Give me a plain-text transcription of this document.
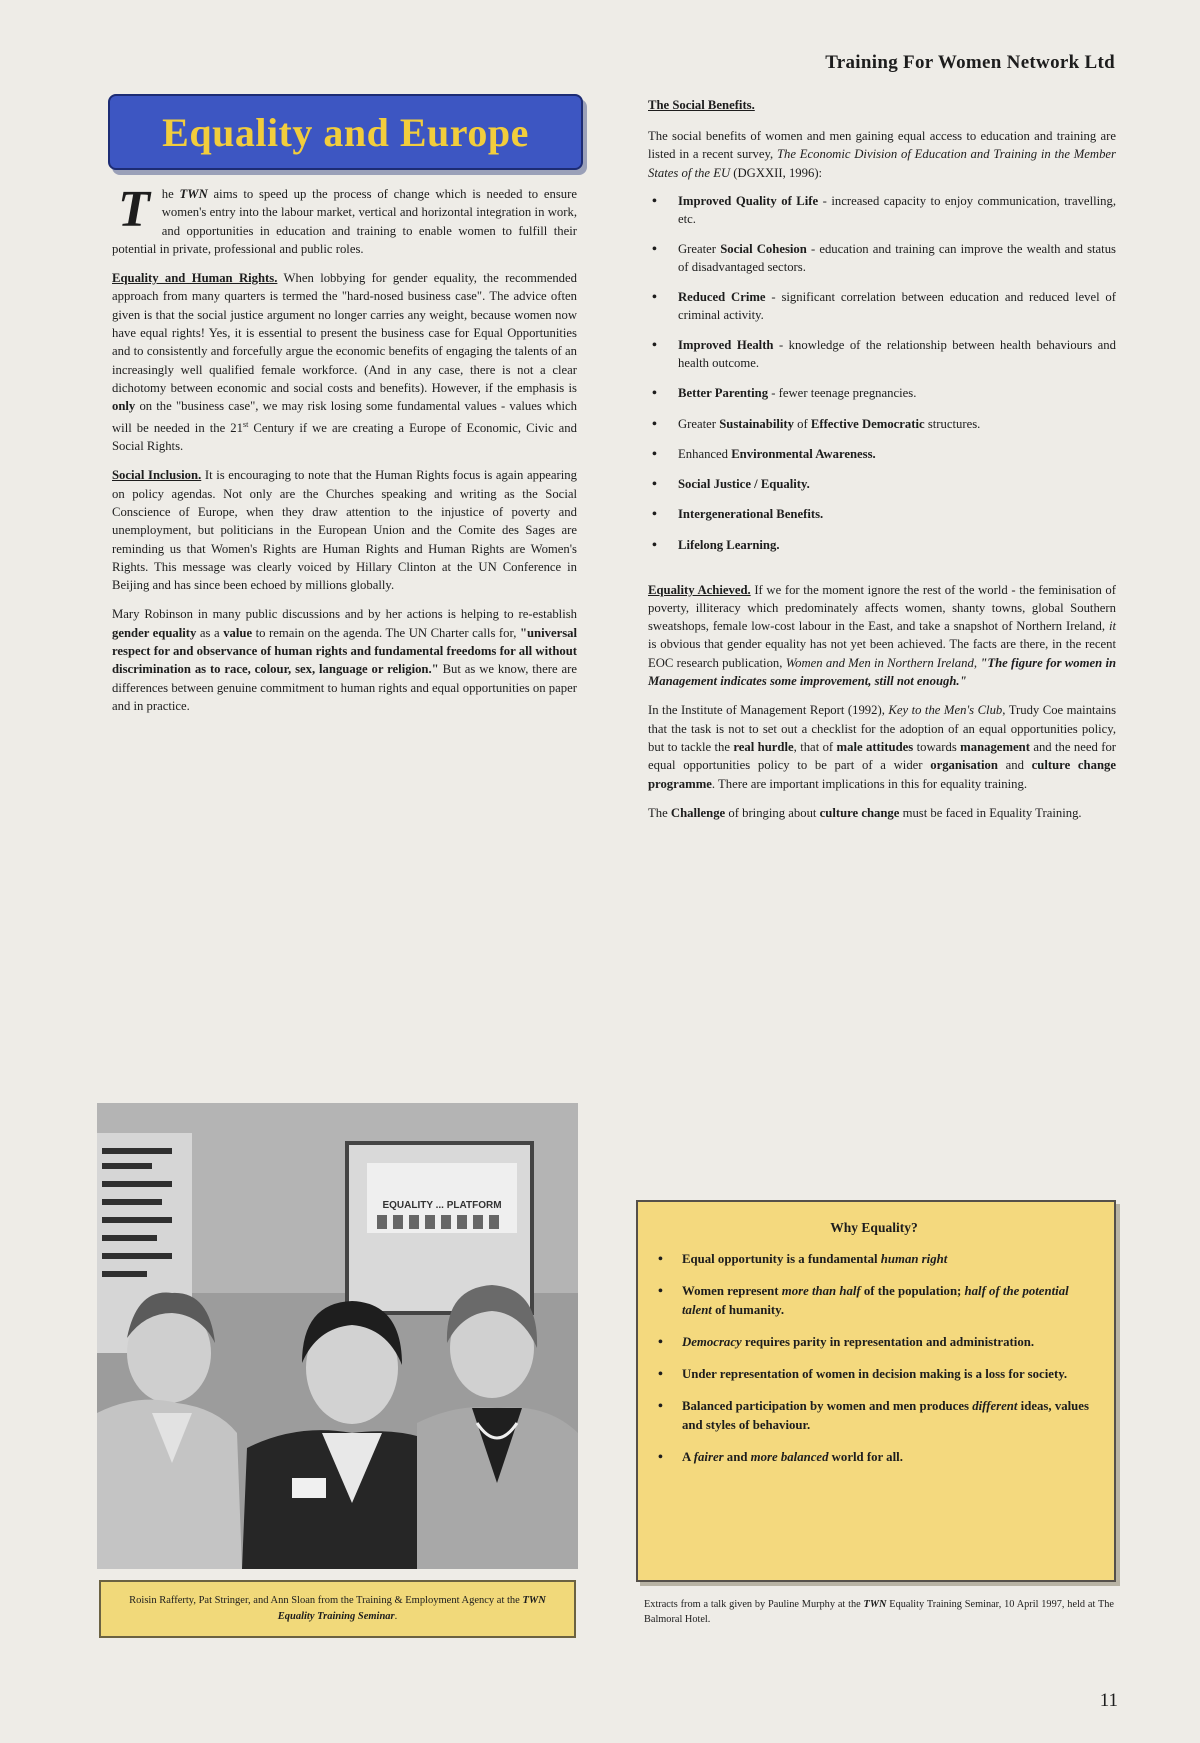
Training For Women Network Ltd
Equality and Europe

The TWN aims to speed up the process of change which is needed to ensure women's entry into the labour market, vertical and horizontal integration in work, and opportunities in education and training to enable women to fulfill their potential in private, professional and public roles.

Equality and Human Rights. When lobbying for gender equality, the recommended approach from many quarters is termed the "hard-nosed business case". The advice often given is that the social justice argument no longer carries any weight, because women now have equal rights! Yes, it is essential to present the business case for Equal Opportunities and to consistently and forcefully argue the economic benefits of engaging the talents of an increasingly well qualified female workforce. (And in any case, there is not a clear dichotomy between economic and social costs and benefits). However, if the emphasis is only on the "business case", we may risk losing some fundamental values - values which will be needed in the 21st Century if we are creating a Europe of Economic, Civic and Social Rights.

Social Inclusion. It is encouraging to note that the Human Rights focus is again appearing on policy agendas. Not only are the Churches speaking and writing as the Social Conscience of Europe, when they draw attention to the injustice of poverty and unemployment, but politicians in the European Union and the Comite des Sages are reminding us that Women's Rights are Human Rights and Human Rights are Women's Rights. This message was clearly voiced by Hillary Clinton at the UN Conference in Beijing and has since been echoed by millions globally.

Mary Robinson in many public discussions and by her actions is helping to re-establish gender equality as a value to remain on the agenda. The UN Charter calls for, "universal respect for and observance of human rights and fundamental freedoms for all without discrimination as to race, colour, sex, language or religion." But as we know, there are differences between genuine commitment to human rights and equal opportunities on paper and in practice.

EQUALITY ... PLATFORM
Roisin Rafferty, Pat Stringer, and Ann Sloan from the Training & Employment Agency at the TWN Equality Training Seminar.
The Social Benefits.

The social benefits of women and men gaining equal access to education and training are listed in a recent survey, The Economic Division of Education and Training in the Member States of the EU (DGXXII, 1996):

• Improved Quality of Life - increased capacity to enjoy communication, travelling, etc.
• Greater Social Cohesion - education and training can improve the wealth and status of disadvantaged sectors.
• Reduced Crime - significant correlation between education and reduced level of criminal activity.
• Improved Health - knowledge of the relationship between health behaviours and health outcome.
• Better Parenting - fewer teenage pregnancies.
• Greater Sustainability of Effective Democratic structures.
• Enhanced Environmental Awareness.
• Social Justice / Equality.
• Intergenerational Benefits.
• Lifelong Learning.

Equality Achieved. If we for the moment ignore the rest of the world - the feminisation of poverty, illiteracy which predominately affects women, shanty towns, global Southern sweatshops, female low-cost labour in the East, and take a snapshot of Northern Ireland, it is obvious that gender equality has not yet been achieved. The facts are there, in the recent EOC research publication, Women and Men in Northern Ireland, "The figure for women in Management indicates some improvement, still not enough."

In the Institute of Management Report (1992), Key to the Men's Club, Trudy Coe maintains that the task is not to set out a checklist for the adoption of an equal opportunities policy, but to tackle the real hurdle, that of male attitudes towards management and the need for equal opportunities policy to be part of a wider organisation and culture change programme. There are important implications in this for equality training.

The Challenge of bringing about culture change must be faced in Equality Training.

Why Equality?
• Equal opportunity is a fundamental human right
• Women represent more than half of the population; half of the potential talent of humanity.
• Democracy requires parity in representation and administration.
• Under representation of women in decision making is a loss for society.
• Balanced participation by women and men produces different ideas, values and styles of behaviour.
• A fairer and more balanced world for all.
Extracts from a talk given by Pauline Murphy at the TWN Equality Training Seminar, 10 April 1997, held at The Balmoral Hotel.
11
